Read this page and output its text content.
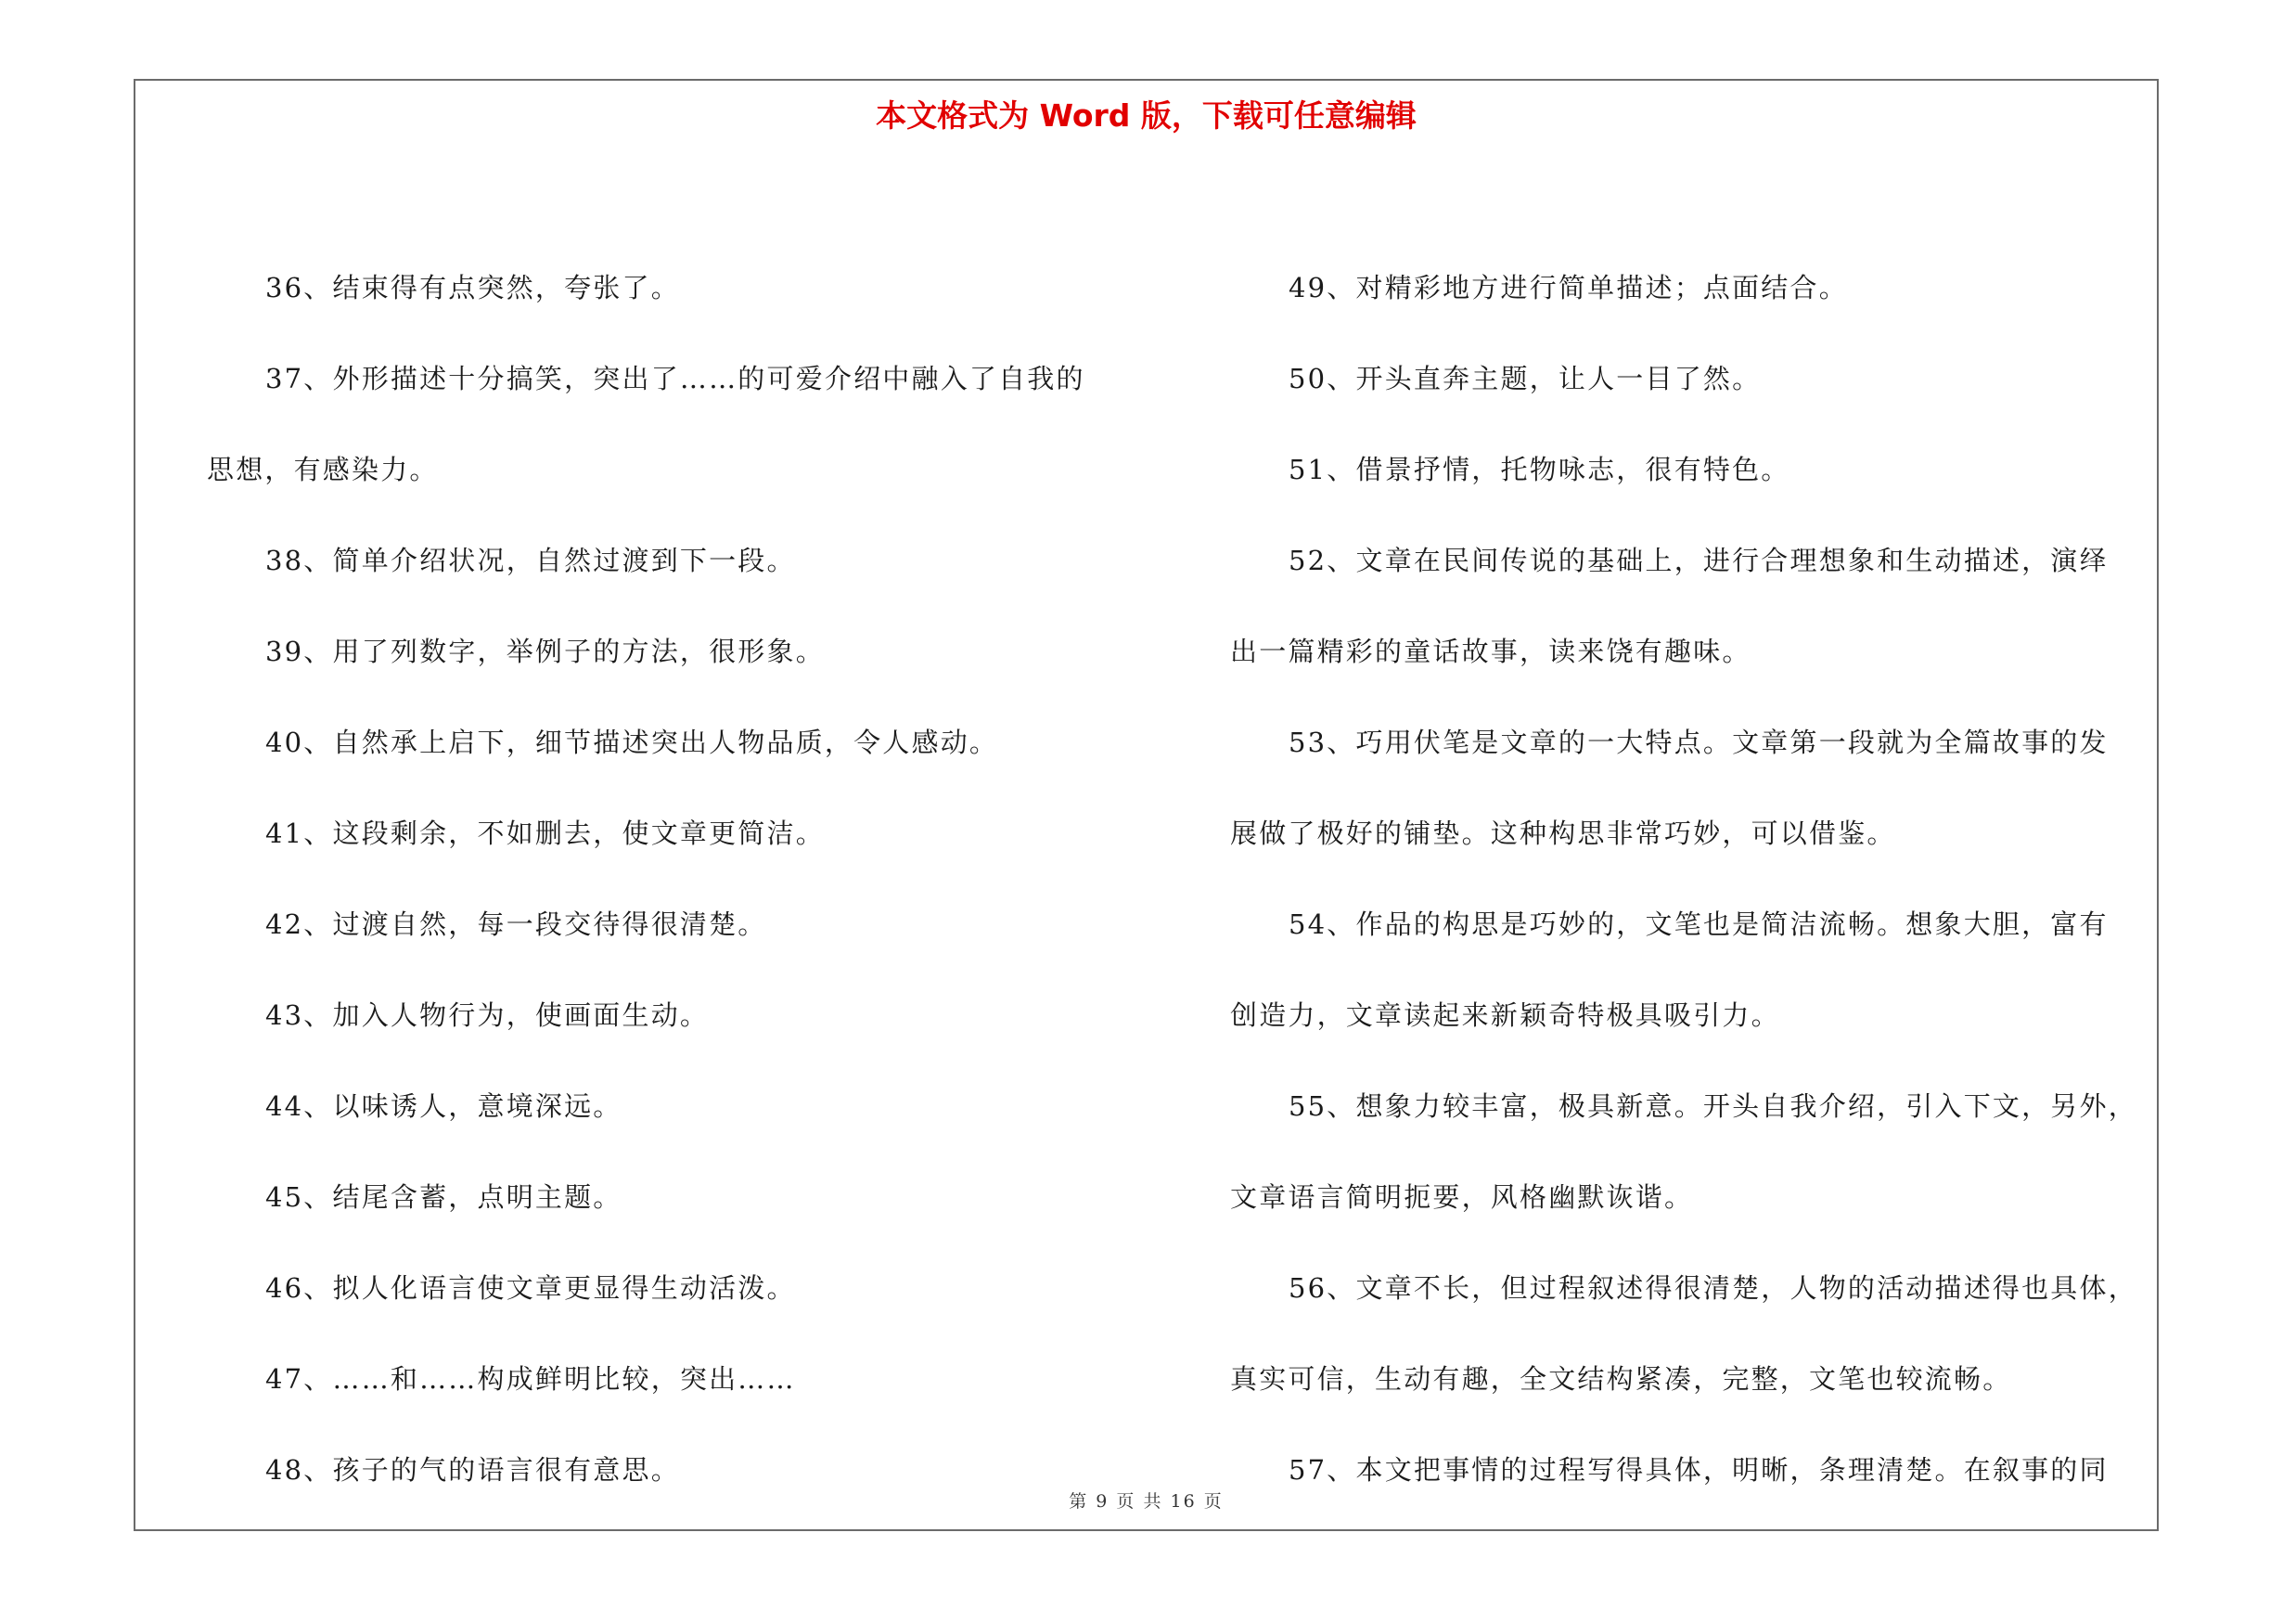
本文格式为 Word 版，下载可任意编辑

36、结束得有点突然，夸张了。

37、外形描述十分搞笑，突出了……的可爱介绍中融入了自我的
思想，有感染力。

38、简单介绍状况，自然过渡到下一段。

39、用了列数字，举例子的方法，很形象。

40、自然承上启下，细节描述突出人物品质，令人感动。

41、这段剩余，不如删去，使文章更简洁。

42、过渡自然，每一段交待得很清楚。

43、加入人物行为，使画面生动。

44、以味诱人，意境深远。

45、结尾含蓄，点明主题。

46、拟人化语言使文章更显得生动活泼。

47、……和……构成鲜明比较，突出……

48、孩子的气的语言很有意思。

49、对精彩地方进行简单描述；点面结合。

50、开头直奔主题，让人一目了然。

51、借景抒情，托物咏志，很有特色。

52、文章在民间传说的基础上，进行合理想象和生动描述，演绎
出一篇精彩的童话故事，读来饶有趣味。

53、巧用伏笔是文章的一大特点。文章第一段就为全篇故事的发
展做了极好的铺垫。这种构思非常巧妙，可以借鉴。

54、作品的构思是巧妙的，文笔也是简洁流畅。想象大胆，富有
创造力，文章读起来新颖奇特极具吸引力。

55、想象力较丰富，极具新意。开头自我介绍，引入下文，另外，
文章语言简明扼要，风格幽默诙谐。

56、文章不长，但过程叙述得很清楚，人物的活动描述得也具体，
真实可信，生动有趣，全文结构紧凑，完整，文笔也较流畅。

57、本文把事情的过程写得具体，明晰，条理清楚。在叙事的同

第 9 页 共 16 页
